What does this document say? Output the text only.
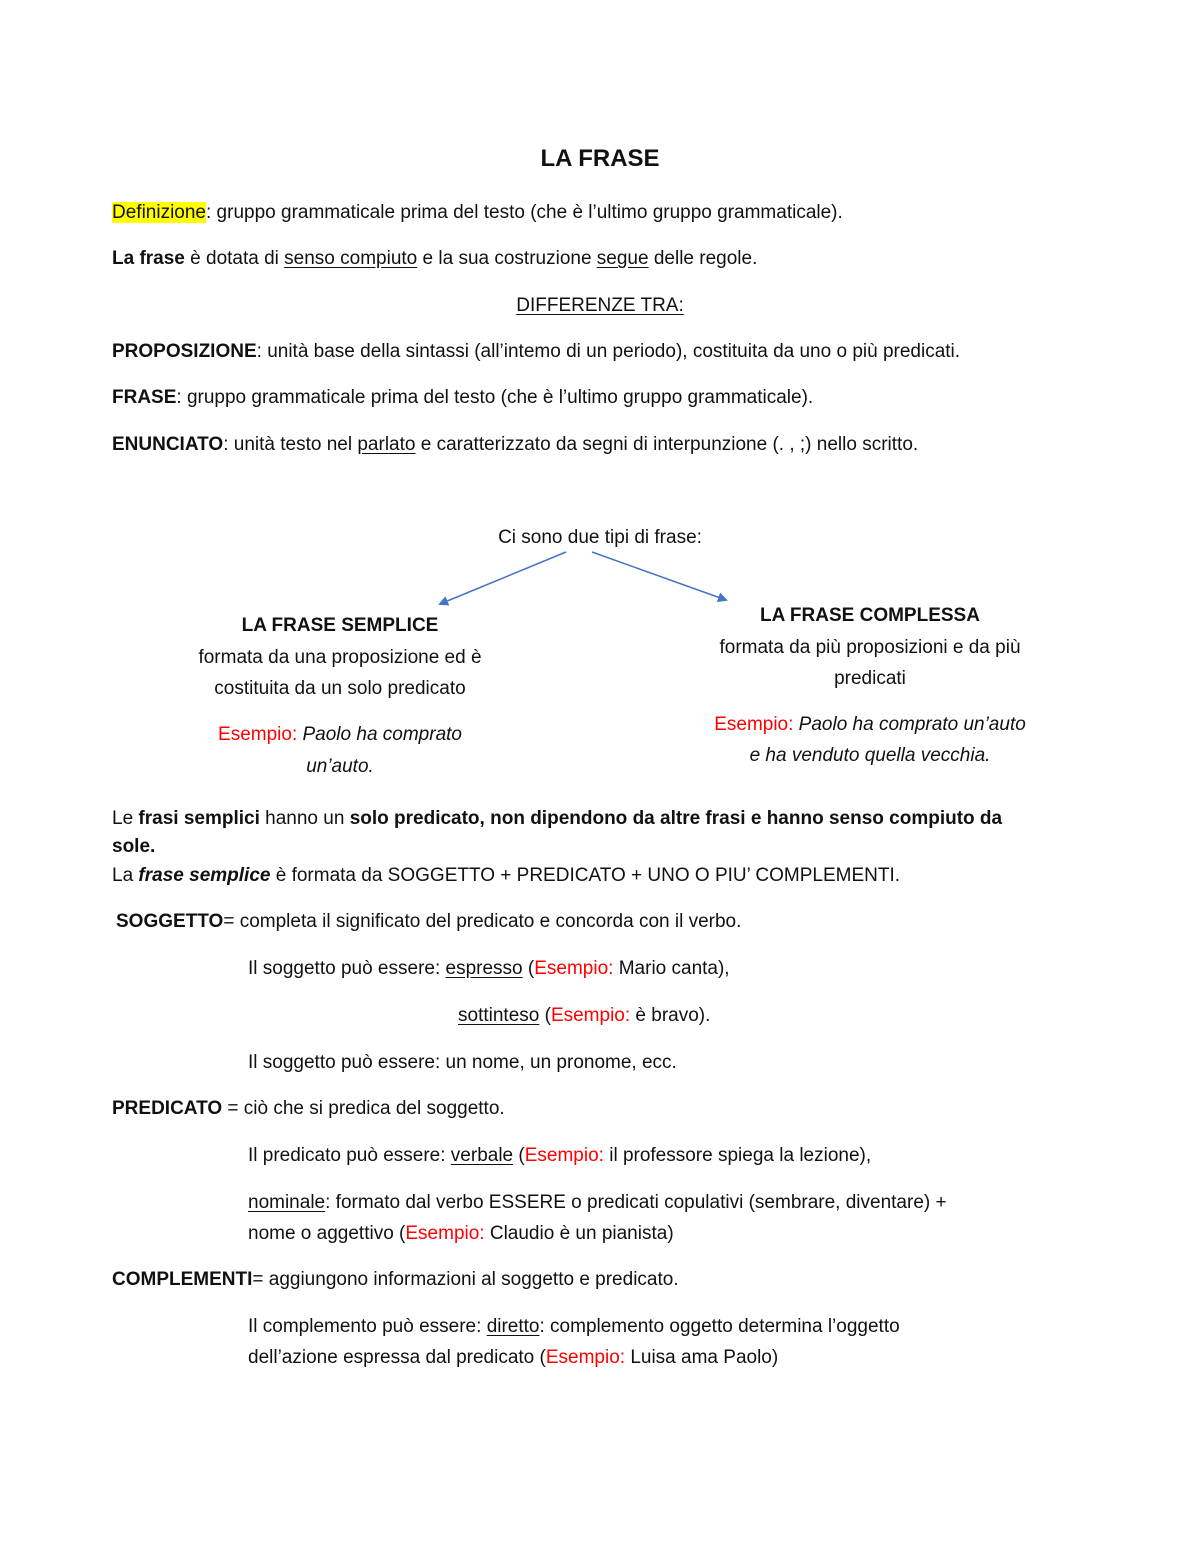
LA FRASE
Definizione: gruppo grammaticale prima del testo (che è l’ultimo gruppo grammaticale).
La frase è dotata di senso compiuto e la sua costruzione segue delle regole.
DIFFERENZE TRA:
PROPOSIZIONE: unità base della sintassi (all’intemo di un periodo), costituita da uno o più predicati.
FRASE: gruppo grammaticale prima del testo (che è l’ultimo gruppo grammaticale).
ENUNCIATO: unità testo nel parlato e caratterizzato da segni di interpunzione (. , ;) nello scritto.
Ci sono due tipi di frase:
LA FRASE SEMPLICE
formata da una proposizione ed è
costituita da un solo predicato
Esempio: Paolo ha comprato
un’auto.
LA FRASE COMPLESSA
formata da più proposizioni e da più
predicati
Esempio: Paolo ha comprato un’auto
e ha venduto quella vecchia.
Le frasi semplici hanno un solo predicato, non dipendono da altre frasi e hanno senso compiuto da
sole.
La frase semplice è formata da SOGGETTO + PREDICATO + UNO O PIU’ COMPLEMENTI.
SOGGETTO= completa il significato del predicato e concorda con il verbo.
Il soggetto può essere: espresso (Esempio: Mario canta),
sottinteso (Esempio: è bravo).
Il soggetto può essere: un nome, un pronome, ecc.
PREDICATO = ciò che si predica del soggetto.
Il predicato può essere: verbale (Esempio: il professore spiega la lezione),
nominale: formato dal verbo ESSERE o predicati copulativi (sembrare, diventare) +
nome o aggettivo (Esempio: Claudio è un pianista)
COMPLEMENTI= aggiungono informazioni al soggetto e predicato.
Il complemento può essere: diretto: complemento oggetto determina l’oggetto
dell’azione espressa dal predicato (Esempio: Luisa ama Paolo)
